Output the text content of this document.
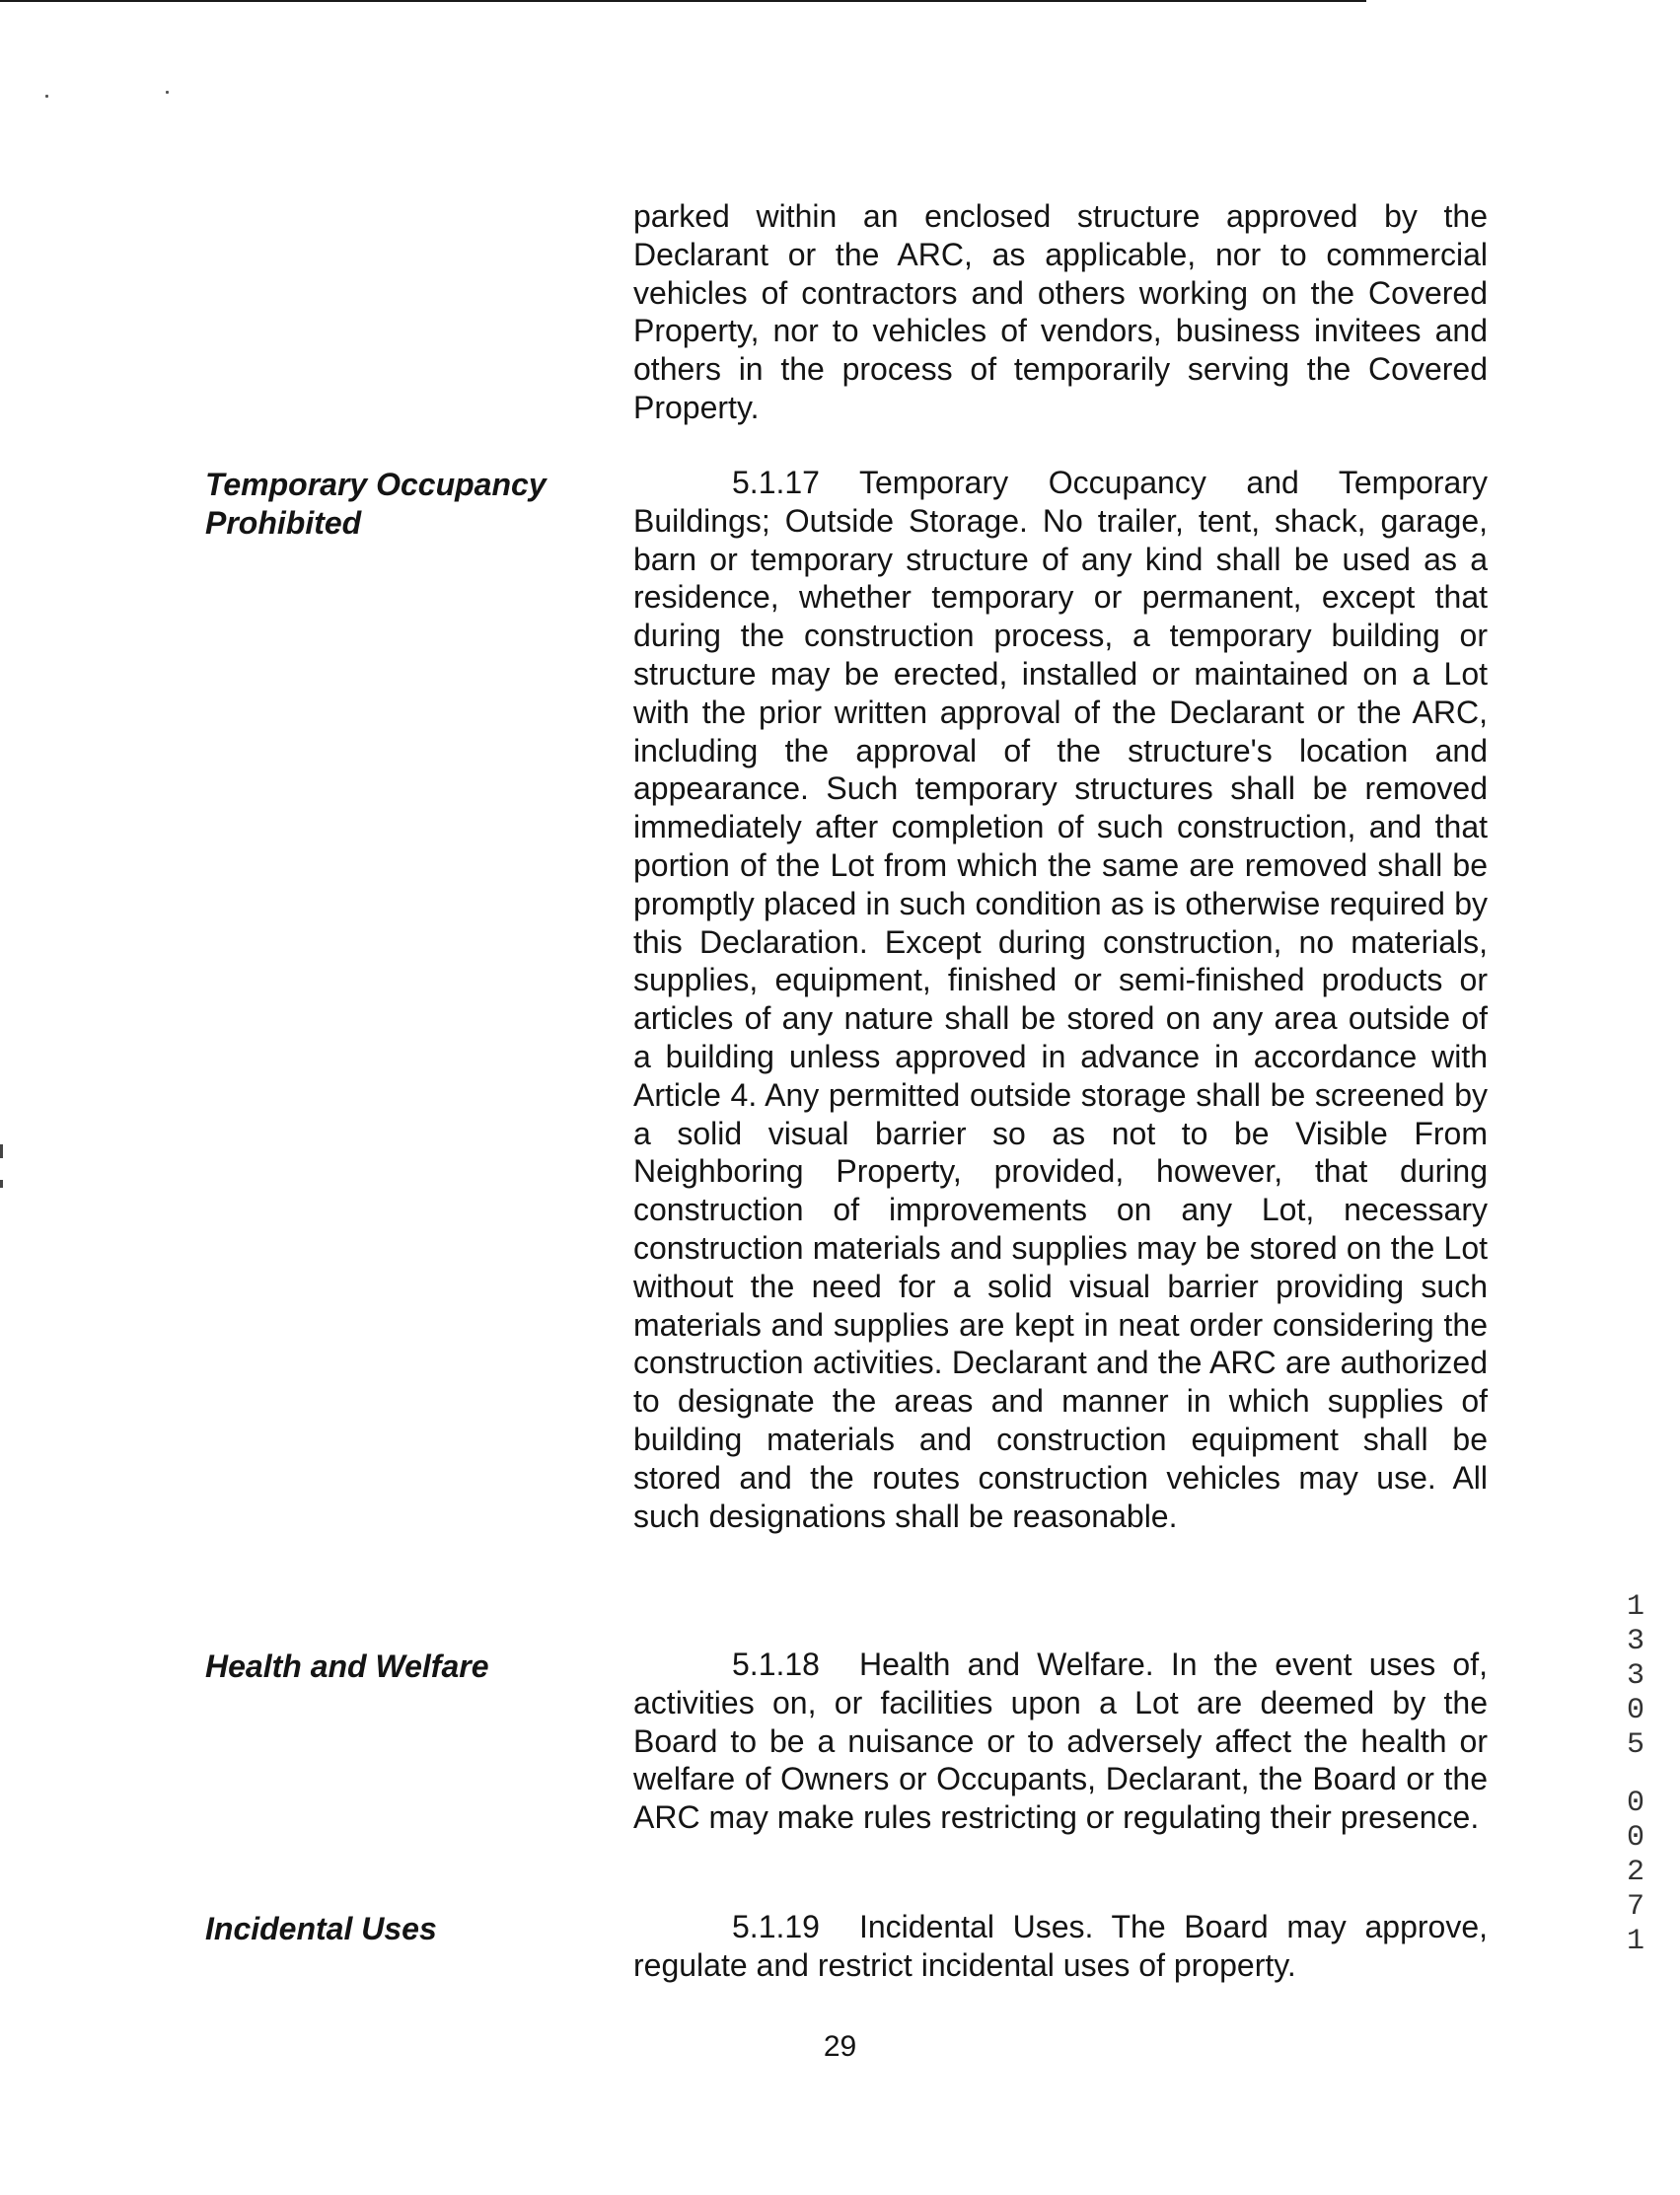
parked within an enclosed structure approved by the Declarant or the ARC, as applicable, nor to commercial vehicles of contractors and others working on the Covered Property, nor to vehicles of vendors, business invitees and others in the process of temporarily serving the Covered Property.

Temporary Occupancy
Prohibited

5.1.17 Temporary Occupancy and Temporary Buildings; Outside Storage. No trailer, tent, shack, garage, barn or temporary structure of any kind shall be used as a residence, whether temporary or permanent, except that during the construction process, a temporary building or structure may be erected, installed or maintained on a Lot with the prior written approval of the Declarant or the ARC, including the approval of the structure's location and appearance. Such temporary structures shall be removed immediately after completion of such construction, and that portion of the Lot from which the same are removed shall be promptly placed in such condition as is otherwise required by this Declaration. Except during construction, no materials, supplies, equipment, finished or semi-finished products or articles of any nature shall be stored on any area outside of a building unless approved in advance in accordance with Article 4. Any permitted outside storage shall be screened by a solid visual barrier so as not to be Visible From Neighboring Property, provided, however, that during construction of improvements on any Lot, necessary construction materials and supplies may be stored on the Lot without the need for a solid visual barrier providing such materials and supplies are kept in neat order considering the construction activities. Declarant and the ARC are authorized to designate the areas and manner in which supplies of building materials and construction equipment shall be stored and the routes construction vehicles may use. All such designations shall be reasonable.

Health and Welfare	5.1.18 Health and Welfare. In the event uses of, activities on, or facilities upon a Lot are deemed by the Board to be a nuisance or to adversely affect the health or welfare of Owners or Occupants, Declarant, the Board or the ARC may make rules restricting or regulating their presence.

Incidental Uses	5.1.19 Incidental Uses. The Board may approve, regulate and restrict incidental uses of property.

13305
00271
29
